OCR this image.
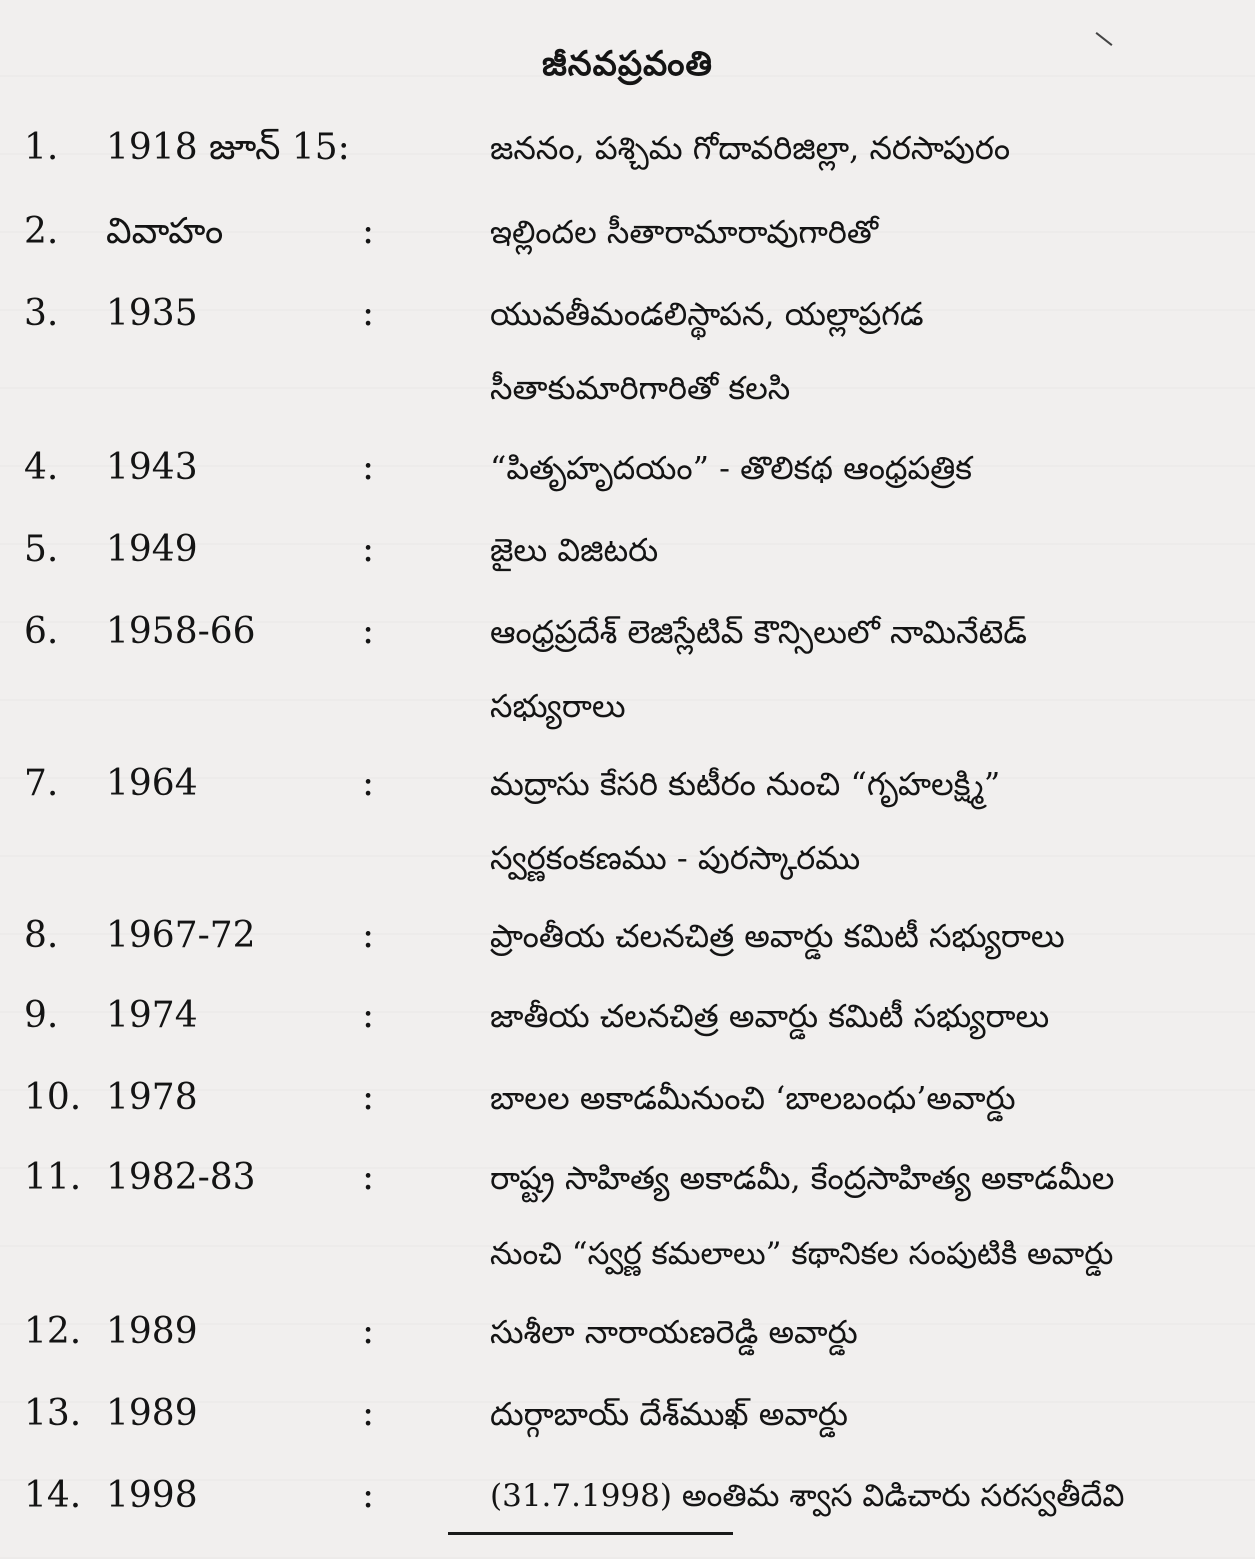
జీనవప్రవంతి
1. 1918 జూన్ 15:	జననం, పశ్చిమ గోదావరిజిల్లా, నరసాపురం
2. వివాహం	:	ఇల్లిందల సీతారామారావుగారితో
3. 1935	:	యువతీమండలిస్థాపన, యల్లాప్రగడ
సీతాకుమారిగారితో కలసి
4. 1943	:	“పితృహృదయం” - తొలికథ ఆంధ్రపత్రిక
5. 1949	:	జైలు విజిటరు
6. 1958-66	:	ఆంధ్రప్రదేశ్ లెజిస్లేటివ్ కౌన్సిలులో నామినేటెడ్
సభ్యురాలు
7. 1964	:	మద్రాసు కేసరి కుటీరం నుంచి “గృహలక్ష్మి”
స్వర్ణకంకణము - పురస్కారము
8. 1967-72	:	ప్రాంతీయ చలనచిత్ర అవార్డు కమిటీ సభ్యురాలు
9. 1974	:	జాతీయ చలనచిత్ర అవార్డు కమిటీ సభ్యురాలు
10. 1978	:	బాలల అకాడమీనుంచి ‘బాలబంధు’అవార్డు
11. 1982-83	:	రాష్ట్ర సాహిత్య అకాడమీ, కేంద్రసాహిత్య అకాడమీల
నుంచి “స్వర్ణ కమలాలు” కథానికల సంపుటికి అవార్డు
12. 1989	:	సుశీలా నారాయణరెడ్డి అవార్డు
13. 1989	:	దుర్గాబాయ్ దేశ్‌ముఖ్ అవార్డు
14. 1998	:	(31.7.1998) అంతిమ శ్వాస విడిచారు సరస్వతీదేవి
